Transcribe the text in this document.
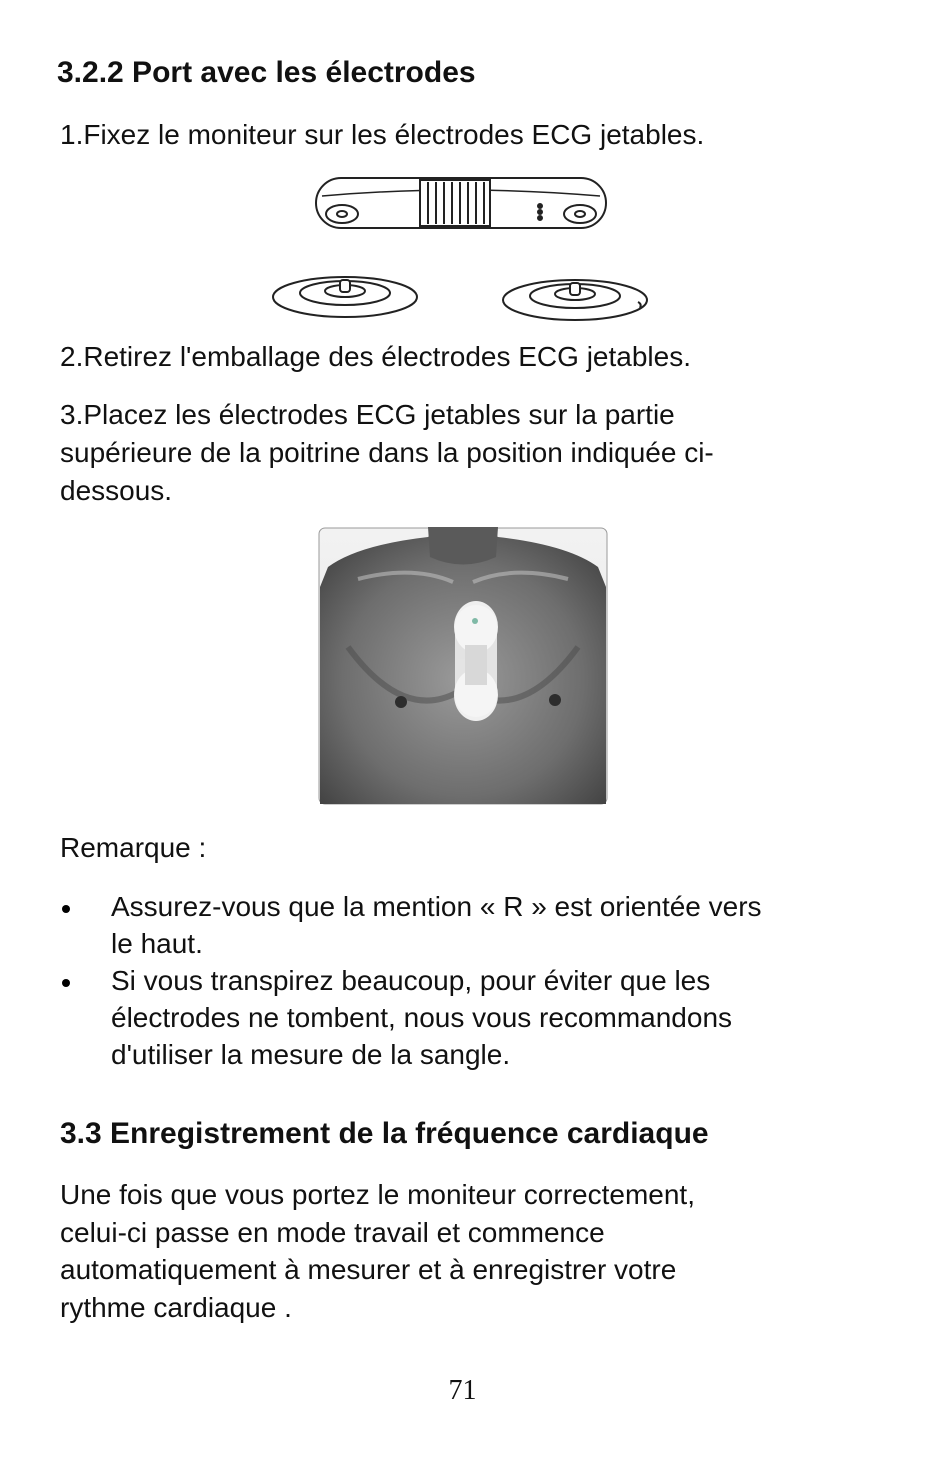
3.2.2 Port avec les électrodes

1.Fixez le moniteur sur les électrodes ECG jetables.

2.Retirez l'emballage des électrodes ECG jetables.

3.Placez les électrodes ECG jetables sur la partie

supérieure de la poitrine dans la position indiquée ci-

dessous.

Remarque :

Assurez-vous que la mention « R » est orientée vers
le haut.
Si vous transpirez beaucoup, pour éviter que les
électrodes ne tombent, nous vous recommandons
d'utiliser la mesure de la sangle.
3.3 Enregistrement de la fréquence cardiaque

Une fois que vous portez le moniteur correctement,

celui-ci passe en mode travail et commence

automatiquement à mesurer et à enregistrer votre

rythme cardiaque .

71
